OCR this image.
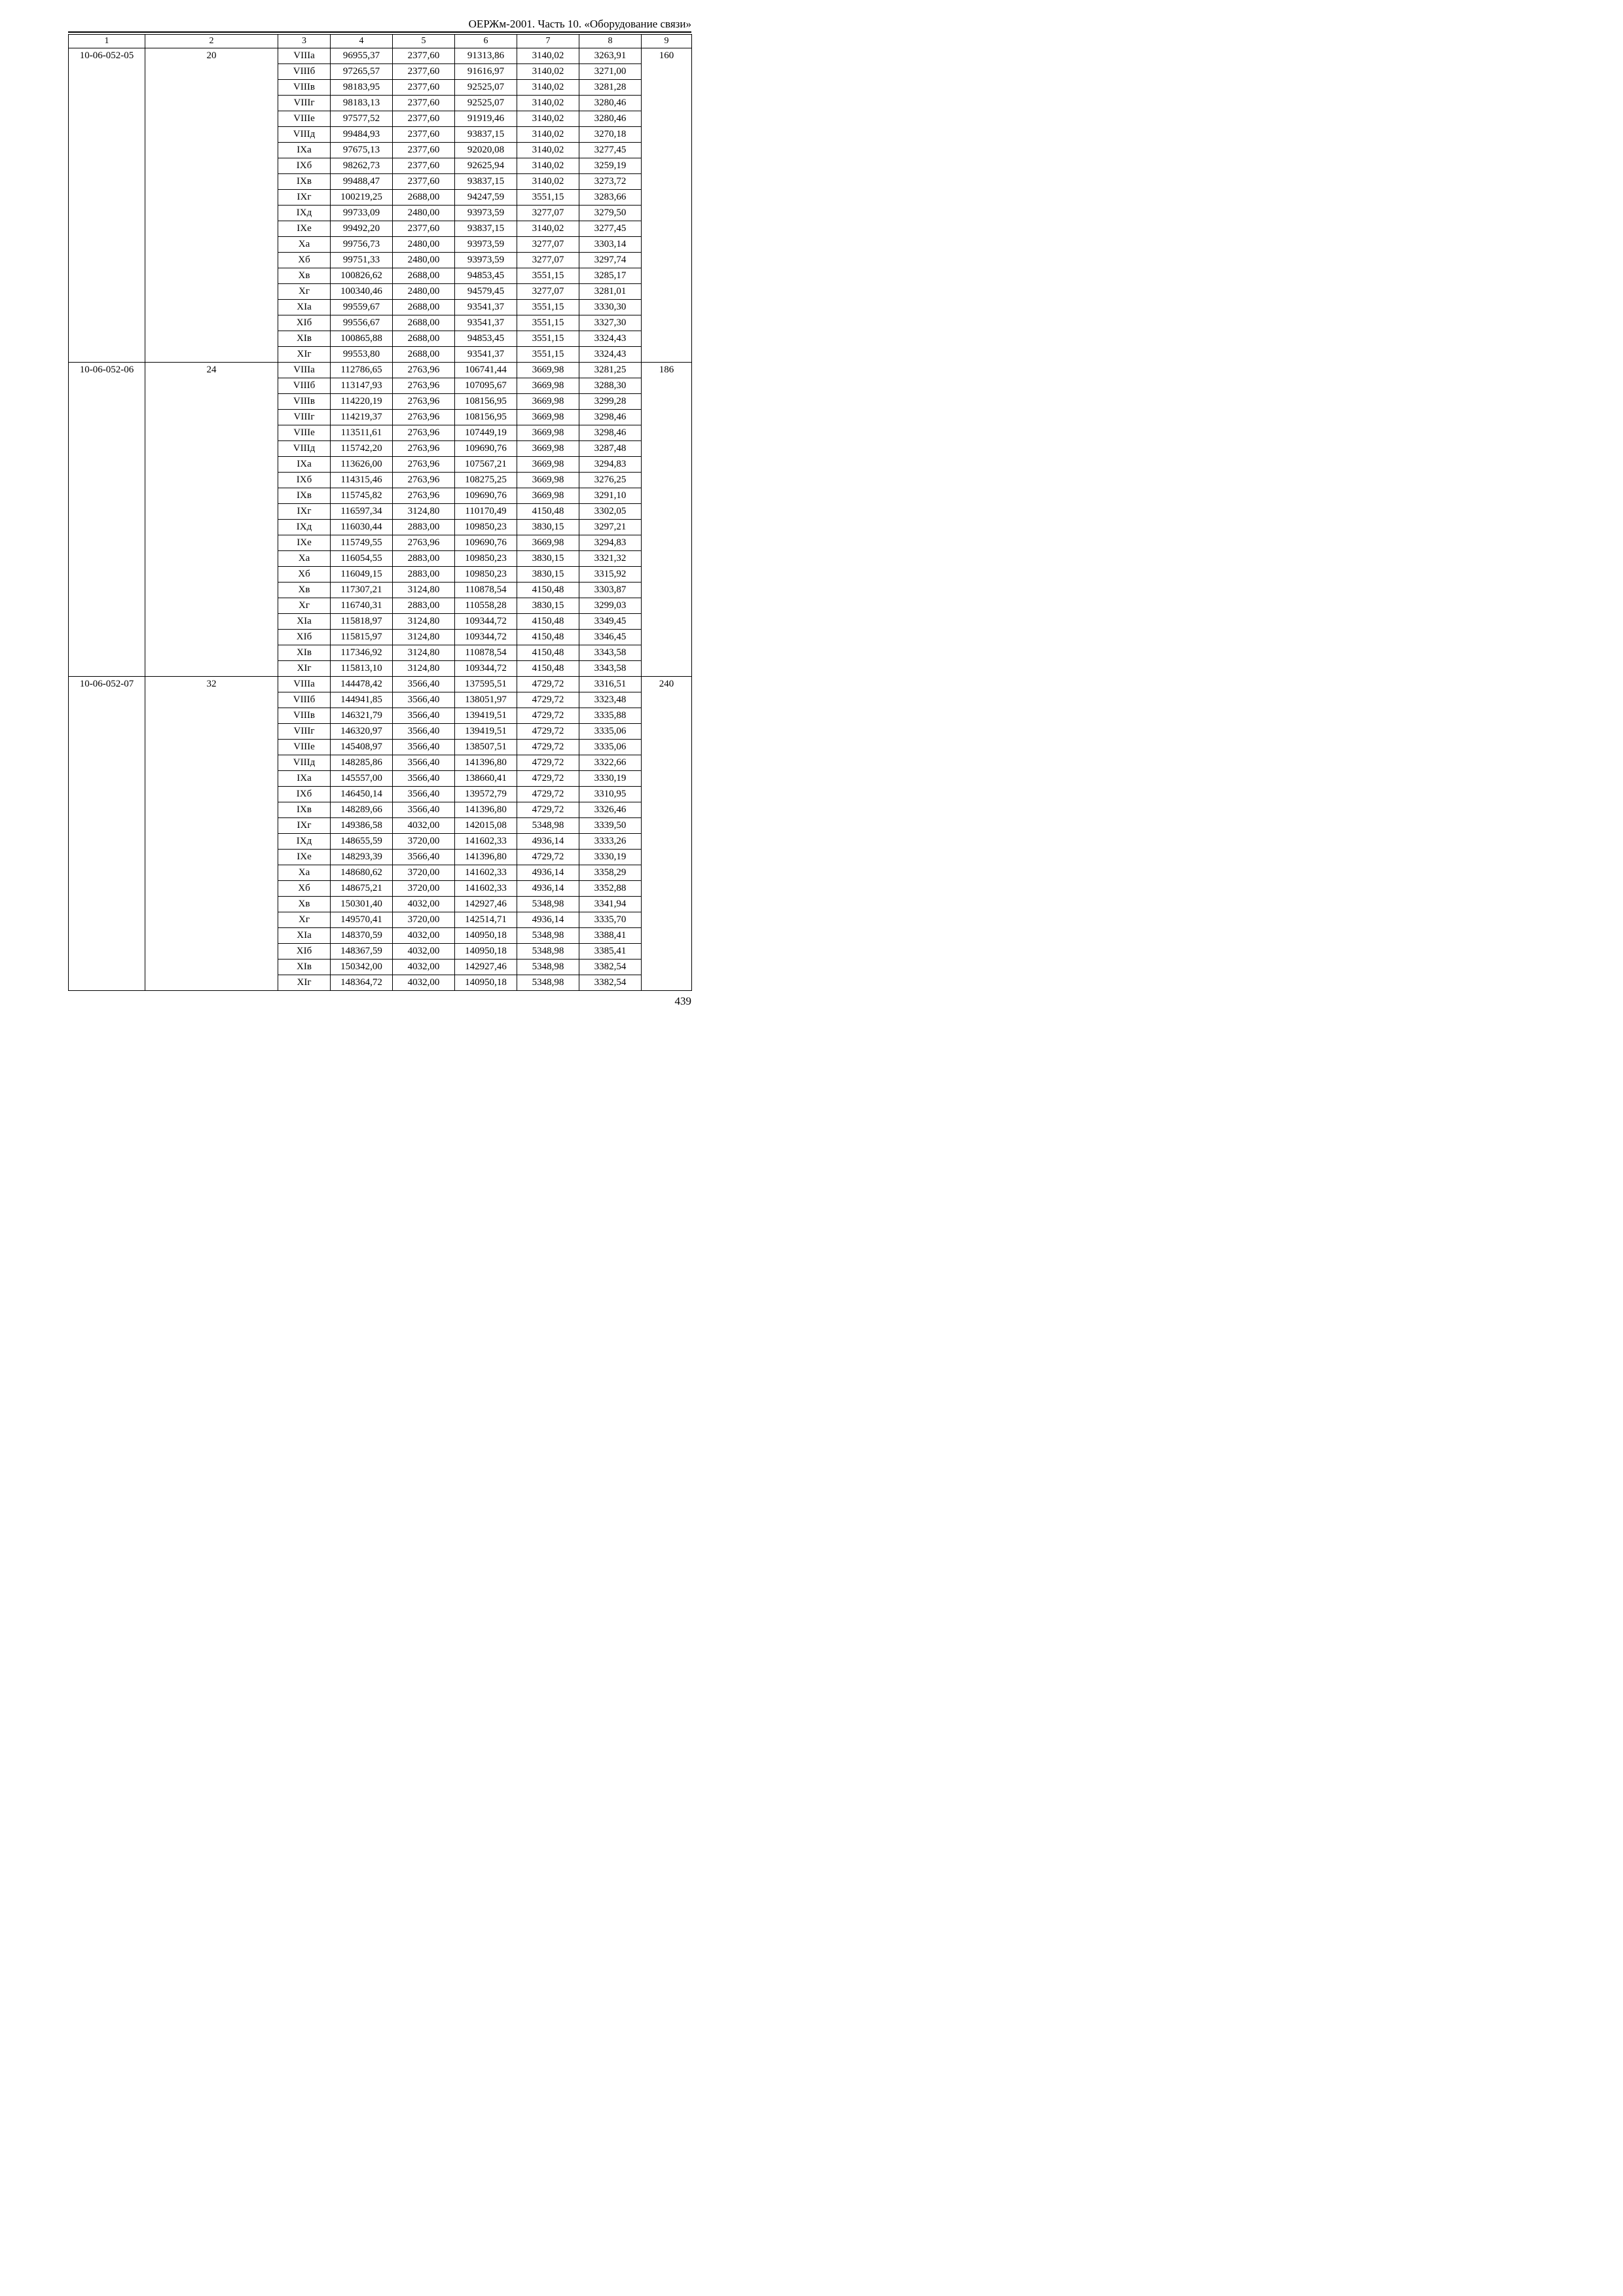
ОЕРЖм-2001. Часть 10. «Оборудование связи»
1	2	3	4	5	6	7	8	9
10-06-052-05	20	VIIIa	96955,37	2377,60	91313,86	3140,02	3263,91	160
		VIIIб	97265,57	2377,60	91616,97	3140,02	3271,00	
		VIIIв	98183,95	2377,60	92525,07	3140,02	3281,28	
		VIIIг	98183,13	2377,60	92525,07	3140,02	3280,46	
		VIIIе	97577,52	2377,60	91919,46	3140,02	3280,46	
		VIIIд	99484,93	2377,60	93837,15	3140,02	3270,18	
		IXa	97675,13	2377,60	92020,08	3140,02	3277,45	
		IXб	98262,73	2377,60	92625,94	3140,02	3259,19	
		IXв	99488,47	2377,60	93837,15	3140,02	3273,72	
		IXг	100219,25	2688,00	94247,59	3551,15	3283,66	
		IXд	99733,09	2480,00	93973,59	3277,07	3279,50	
		IXе	99492,20	2377,60	93837,15	3140,02	3277,45	
		Xa	99756,73	2480,00	93973,59	3277,07	3303,14	
		Xб	99751,33	2480,00	93973,59	3277,07	3297,74	
		Xв	100826,62	2688,00	94853,45	3551,15	3285,17	
		Xг	100340,46	2480,00	94579,45	3277,07	3281,01	
		XIa	99559,67	2688,00	93541,37	3551,15	3330,30	
		XIб	99556,67	2688,00	93541,37	3551,15	3327,30	
		XIв	100865,88	2688,00	94853,45	3551,15	3324,43	
		XIг	99553,80	2688,00	93541,37	3551,15	3324,43	
10-06-052-06	24	VIIIa	112786,65	2763,96	106741,44	3669,98	3281,25	186
		VIIIб	113147,93	2763,96	107095,67	3669,98	3288,30	
		VIIIв	114220,19	2763,96	108156,95	3669,98	3299,28	
		VIIIг	114219,37	2763,96	108156,95	3669,98	3298,46	
		VIIIе	113511,61	2763,96	107449,19	3669,98	3298,46	
		VIIIд	115742,20	2763,96	109690,76	3669,98	3287,48	
		IXa	113626,00	2763,96	107567,21	3669,98	3294,83	
		IXб	114315,46	2763,96	108275,25	3669,98	3276,25	
		IXв	115745,82	2763,96	109690,76	3669,98	3291,10	
		IXг	116597,34	3124,80	110170,49	4150,48	3302,05	
		IXд	116030,44	2883,00	109850,23	3830,15	3297,21	
		IXе	115749,55	2763,96	109690,76	3669,98	3294,83	
		Xa	116054,55	2883,00	109850,23	3830,15	3321,32	
		Xб	116049,15	2883,00	109850,23	3830,15	3315,92	
		Xв	117307,21	3124,80	110878,54	4150,48	3303,87	
		Xг	116740,31	2883,00	110558,28	3830,15	3299,03	
		XIa	115818,97	3124,80	109344,72	4150,48	3349,45	
		XIб	115815,97	3124,80	109344,72	4150,48	3346,45	
		XIв	117346,92	3124,80	110878,54	4150,48	3343,58	
		XIг	115813,10	3124,80	109344,72	4150,48	3343,58	
10-06-052-07	32	VIIIa	144478,42	3566,40	137595,51	4729,72	3316,51	240
		VIIIб	144941,85	3566,40	138051,97	4729,72	3323,48	
		VIIIв	146321,79	3566,40	139419,51	4729,72	3335,88	
		VIIIг	146320,97	3566,40	139419,51	4729,72	3335,06	
		VIIIе	145408,97	3566,40	138507,51	4729,72	3335,06	
		VIIIд	148285,86	3566,40	141396,80	4729,72	3322,66	
		IXa	145557,00	3566,40	138660,41	4729,72	3330,19	
		IXб	146450,14	3566,40	139572,79	4729,72	3310,95	
		IXв	148289,66	3566,40	141396,80	4729,72	3326,46	
		IXг	149386,58	4032,00	142015,08	5348,98	3339,50	
		IXд	148655,59	3720,00	141602,33	4936,14	3333,26	
		IXе	148293,39	3566,40	141396,80	4729,72	3330,19	
		Xa	148680,62	3720,00	141602,33	4936,14	3358,29	
		Xб	148675,21	3720,00	141602,33	4936,14	3352,88	
		Xв	150301,40	4032,00	142927,46	5348,98	3341,94	
		Xг	149570,41	3720,00	142514,71	4936,14	3335,70	
		XIa	148370,59	4032,00	140950,18	5348,98	3388,41	
		XIб	148367,59	4032,00	140950,18	5348,98	3385,41	
		XIв	150342,00	4032,00	142927,46	5348,98	3382,54	
		XIг	148364,72	4032,00	140950,18	5348,98	3382,54	
439
